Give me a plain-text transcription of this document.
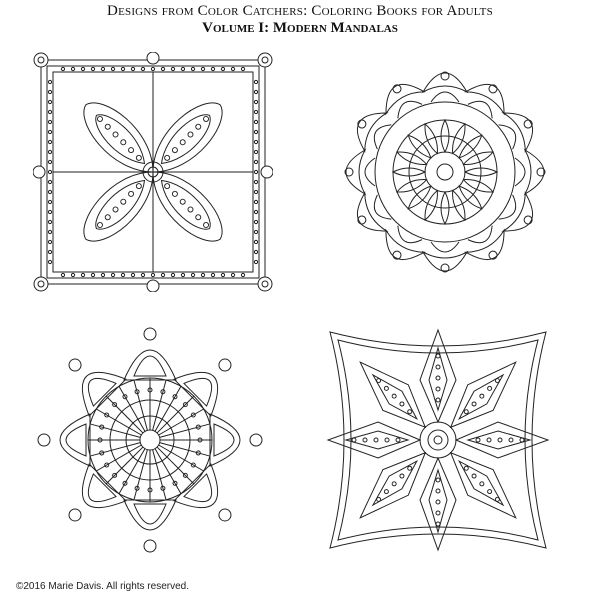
Designs from Color Catchers: Coloring Books for Adults
Volume I: Modern Mandalas
©2016 Marie Davis. All rights reserved.
